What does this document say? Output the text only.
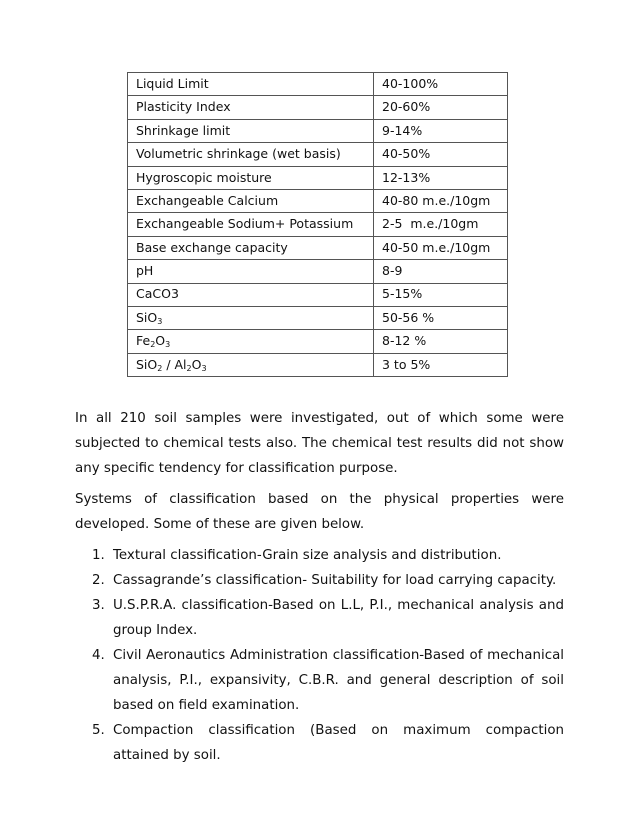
Liquid Limit	40-100%
Plasticity Index	20-60%
Shrinkage limit	9-14%
Volumetric shrinkage (wet basis)	40-50%
Hygroscopic moisture	12-13%
Exchangeable Calcium	40-80 m.e./10gm
Exchangeable Sodium+ Potassium	2-5  m.e./10gm
Base exchange capacity	40-50 m.e./10gm
pH	8-9
CaCO3	5-15%
SiO$_3$	50-56 %
$Fe_2O_3$	8-12 %
$SiO_2 / Al_2O_3$	3 to 5%

In all 210 soil samples were investigated, out of which some were subjected to chemical tests also. The chemical test results did not show any specific tendency for classification purpose.

Systems of classification based on the physical properties were developed. Some of these are given below.

1. Textural classification-Grain size analysis and distribution.
2. Cassagrande’s classification- Suitability for load carrying capacity.
3. U.S.P.R.A. classification-Based on L.L, P.I., mechanical analysis and group Index.
4. Civil Aeronautics Administration classification-Based of mechanical analysis, P.I., expansivity, C.B.R. and general description of soil based on field examination.
5. Compaction classification (Based on maximum compaction attained by soil.
